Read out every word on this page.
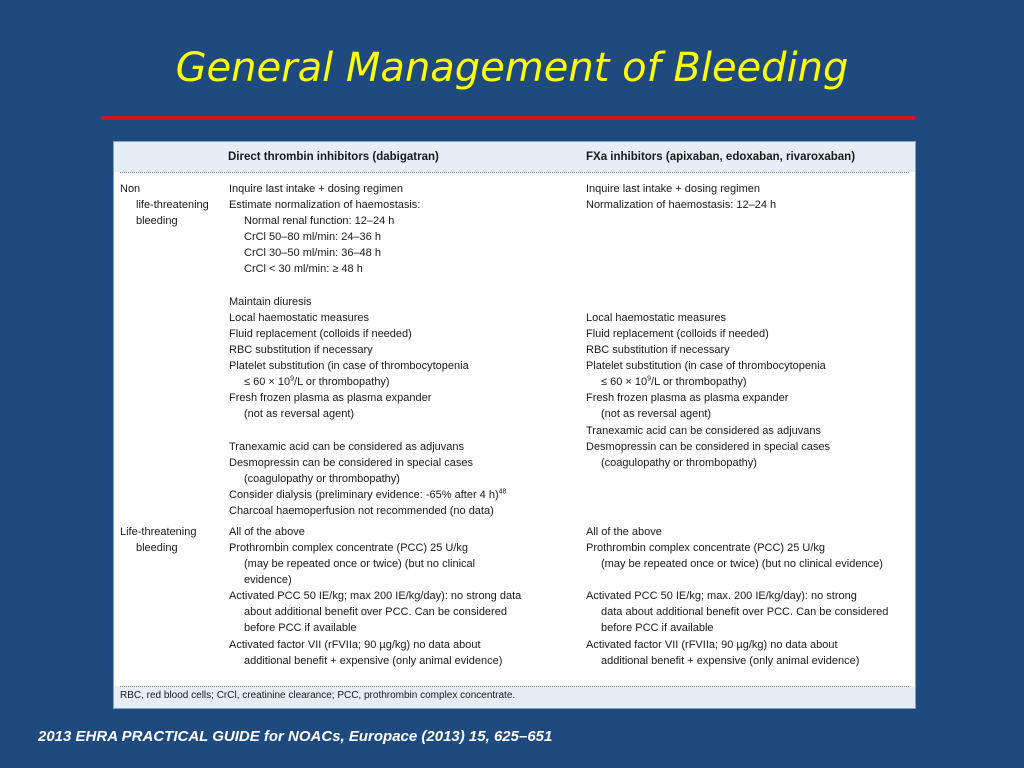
General Management of Bleeding
Direct thrombin inhibitors (dabigatran)	FXa inhibitors (apixaban, edoxaban, rivaroxaban)
Non
life-threatening
bleeding
Life-threatening
bleeding
Inquire last intake + dosing regimen
Estimate normalization of haemostasis:
Normal renal function: 12–24 h
CrCl 50–80 ml/min: 24–36 h
CrCl 30–50 ml/min: 36–48 h
CrCl < 30 ml/min: ≥ 48 h
Maintain diuresis
Local haemostatic measures
Fluid replacement (colloids if needed)
RBC substitution if necessary
Platelet substitution (in case of thrombocytopenia
≤ $60 \times 10^9/L$ or thrombopathy)
Fresh frozen plasma as plasma expander
(not as reversal agent)
Tranexamic acid can be considered as adjuvans
Desmopressin can be considered in special cases
(coagulopathy or thrombopathy)
Consider dialysis (preliminary evidence: -65% after 4 h)$^{48}$
Charcoal haemoperfusion not recommended (no data)
Inquire last intake + dosing regimen
Normalization of haemostasis: 12–24 h
Local haemostatic measures
Fluid replacement (colloids if needed)
RBC substitution if necessary
Platelet substitution (in case of thrombocytopenia
≤ $60 \times 10^9/L$ or thrombopathy)
Fresh frozen plasma as plasma expander
(not as reversal agent)
Tranexamic acid can be considered as adjuvans
Desmopressin can be considered in special cases
(coagulopathy or thrombopathy)
All of the above
Prothrombin complex concentrate (PCC) 25 U/kg
(may be repeated once or twice) (but no clinical
evidence)
Activated PCC 50 IE/kg; max 200 IE/kg/day): no strong data
about additional benefit over PCC. Can be considered
before PCC if available
Activated factor VII (rFVIIa; 90 µg/kg) no data about
additional benefit + expensive (only animal evidence)
All of the above
Prothrombin complex concentrate (PCC) 25 U/kg
(may be repeated once or twice) (but no clinical evidence)
Activated PCC 50 IE/kg; max. 200 IE/kg/day): no strong
data about additional benefit over PCC. Can be considered
before PCC if available
Activated factor VII (rFVIIa; 90 µg/kg) no data about
additional benefit + expensive (only animal evidence)
RBC, red blood cells; CrCl, creatinine clearance; PCC, prothrombin complex concentrate.
2013 EHRA PRACTICAL GUIDE for NOACs, Europace (2013) 15, 625–651
